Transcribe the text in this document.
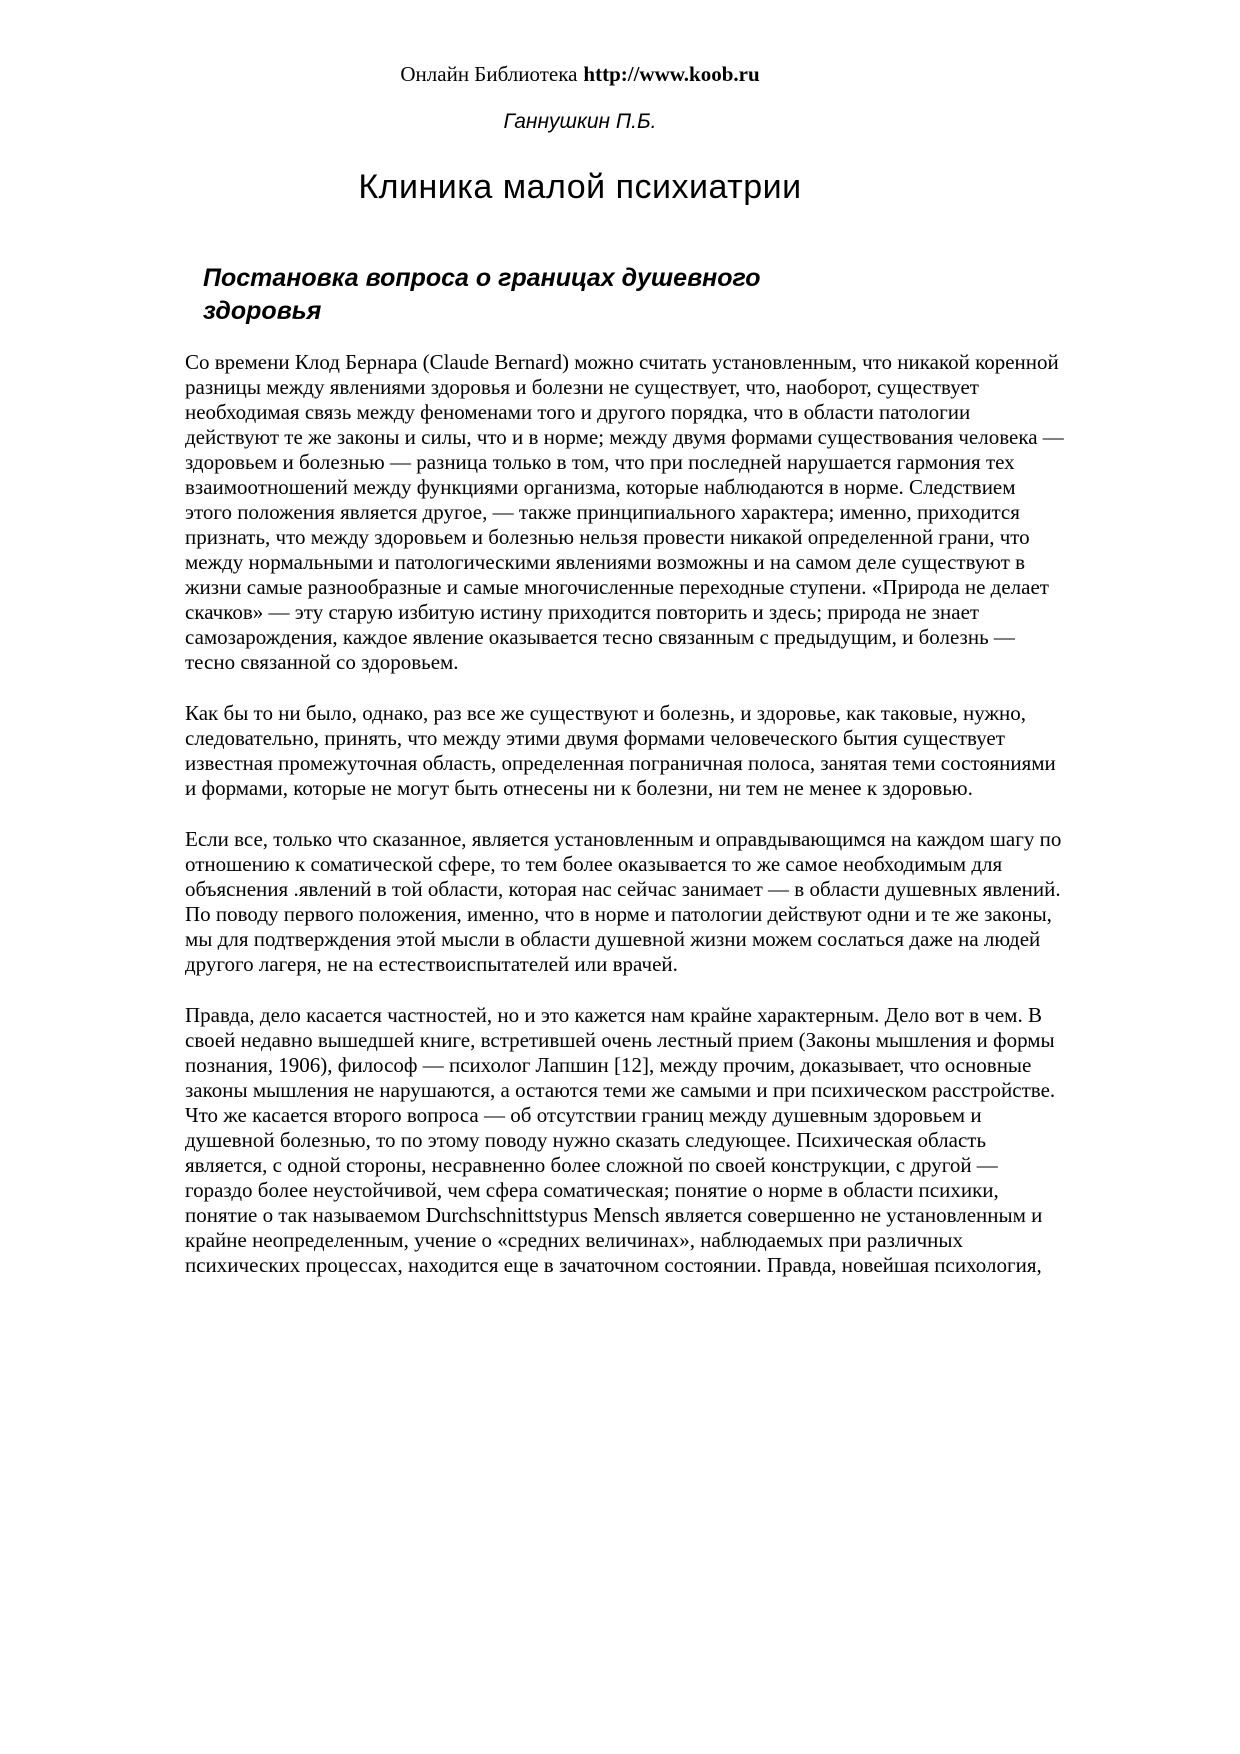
Онлайн Библиотека http://www.koob.ru
Ганнушкин П.Б.
Клиника малой психиатрии
Постановка вопроса о границах душевного здоровья

Со времени Клод Бернара (Claude Bernard) можно считать установленным, что никакой коренной разницы между явлениями здоровья и болезни не существует, что, наоборот, существует необходимая связь между феноменами того и другого порядка, что в области патологии действуют те же законы и силы, что и в норме; между двумя формами существования человека — здоровьем и болезнью — разница только в том, что при последней нарушается гармония тех взаимоотношений между функциями организма, которые наблюдаются в норме. Следствием этого положения является другое, — также принципиального характера; именно, приходится признать, что между здоровьем и болезнью нельзя провести никакой определенной грани, что между нормальными и патологическими явлениями возможны и на самом деле существуют в жизни самые разнообразные и самые многочисленные переходные ступени. «Природа не делает скачков» — эту старую избитую истину приходится повторить и здесь; природа не знает самозарождения, каждое явление оказывается тесно связанным с предыдущим, и болезнь — тесно связанной со здоровьем.

Как бы то ни было, однако, раз все же существуют и болезнь, и здоровье, как таковые, нужно, следовательно, принять, что между этими двумя формами человеческого бытия существует известная промежуточная область, определенная пограничная полоса, занятая теми состояниями и формами, которые не могут быть отнесены ни к болезни, ни тем не менее к здоровью.

Если все, только что сказанное, является установленным и оправдывающимся на каждом шагу по отношению к соматической сфере, то тем более оказывается то же самое необходимым для объяснения .явлений в той области, которая нас сейчас занимает — в области душевных явлений. По поводу первого положения, именно, что в норме и патологии действуют одни и те же законы, мы для подтверждения этой мысли в области душевной жизни можем сослаться даже на людей другого лагеря, не на естествоиспытателей или врачей.

Правда, дело касается частностей, но и это кажется нам крайне характерным. Дело вот в чем. В своей недавно вышедшей книге, встретившей очень лестный прием (Законы мышления и формы познания, 1906), философ — психолог Лапшин [12], между прочим, доказывает, что основные законы мышления не нарушаются, а остаются теми же самыми и при психическом расстройстве. Что же касается второго вопроса — об отсутствии границ между душевным здоровьем и душевной болезнью, то по этому поводу нужно сказать следующее. Психическая область является, с одной стороны, несравненно более сложной по своей конструкции, с другой — гораздо более неустойчивой, чем сфера соматическая; понятие о норме в области психики, понятие о так называемом Durchschnittstypus Mensch является совершенно не установленным и крайне неопределенным, учение о «средних величинах», наблюдаемых при различных психических процессах, находится еще в зачаточном состоянии. Правда, новейшая психология,
